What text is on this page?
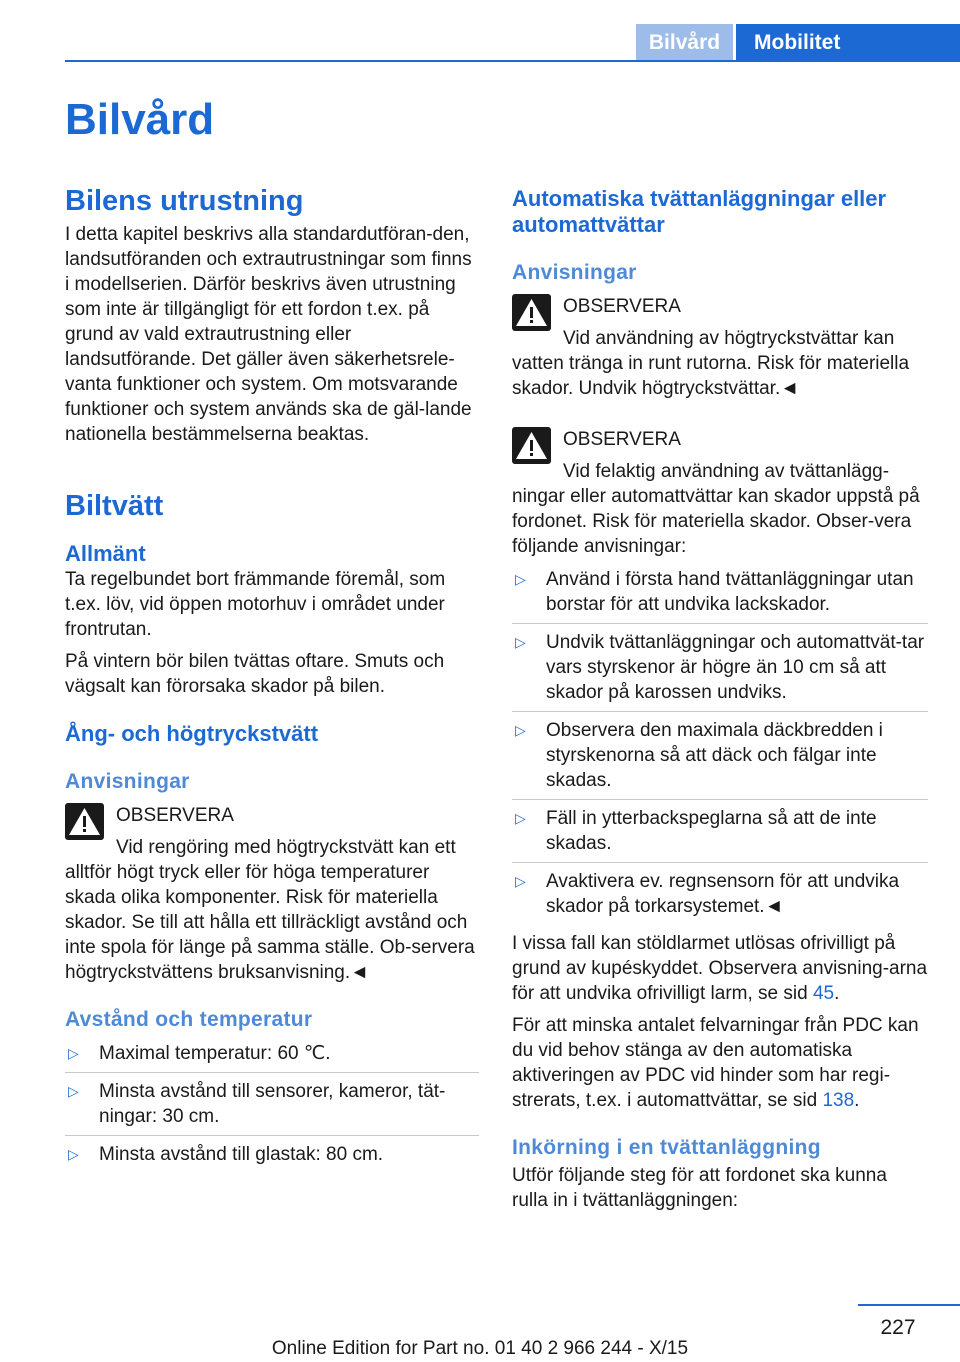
Bilvård	Mobilitet
Bilvård
Bilens utrustning

I detta kapitel beskrivs alla standardutföran-den, landsutföranden och extrautrustningar som finns i modellserien. Därför beskrivs även utrustning som inte är tillgängligt för ett fordon t.ex. på grund av vald extrautrustning eller landsutförande. Det gäller även säkerhetsrele-vanta funktioner och system. Om motsvarande funktioner och system används ska de gäl-lande nationella bestämmelserna beaktas.

Biltvätt
Allmänt

Ta regelbundet bort främmande föremål, som t.ex. löv, vid öppen motorhuv i området under frontrutan.

På vintern bör bilen tvättas oftare. Smuts och vägsalt kan förorsaka skador på bilen.

Ång- och högtryckstvätt
Anvisningar
OBSERVERA

Vid rengöring med högtryckstvätt kan ett alltför högt tryck eller för höga temperaturer skada olika komponenter. Risk för materiella skador. Se till att hålla ett tillräckligt avstånd och inte spola för länge på samma ställe. Ob-servera högtryckstvättens bruksanvisning.◄

Avstånd och temperatur
▷ Maximal temperatur: 60 ℃.
▷ Minsta avstånd till sensorer, kameror, tät-ningar: 30 cm.
▷ Minsta avstånd till glastak: 80 cm.
Automatiska tvättanläggningar eller automattvättar
Anvisningar
OBSERVERA

Vid användning av högtryckstvättar kan vatten tränga in runt rutorna. Risk för materiella skador. Undvik högtryckstvättar.◄

OBSERVERA

Vid felaktig användning av tvättanlägg-ningar eller automattvättar kan skador uppstå på fordonet. Risk för materiella skador. Obser-vera följande anvisningar:

▷ Använd i första hand tvättanläggningar utan borstar för att undvika lackskador.
▷ Undvik tvättanläggningar och automattvät-tar vars styrskenor är högre än 10 cm så att skador på karossen undviks.
▷ Observera den maximala däckbredden i styrskenorna så att däck och fälgar inte skadas.
▷ Fäll in ytterbackspeglarna så att de inte skadas.
▷ Avaktivera ev. regnsensorn för att undvika skador på torkarsystemet.◄

I vissa fall kan stöldlarmet utlösas ofrivilligt på grund av kupéskyddet. Observera anvisning-arna för att undvika ofrivilligt larm, se sid 45.

För att minska antalet felvarningar från PDC kan du vid behov stänga av den automatiska aktiveringen av PDC vid hinder som har regi-strerats, t.ex. i automattvättar, se sid 138.

Inkörning i en tvättanläggning

Utför följande steg för att fordonet ska kunna rulla in i tvättanläggningen:

227
Online Edition for Part no. 01 40 2 966 244 - X/15
